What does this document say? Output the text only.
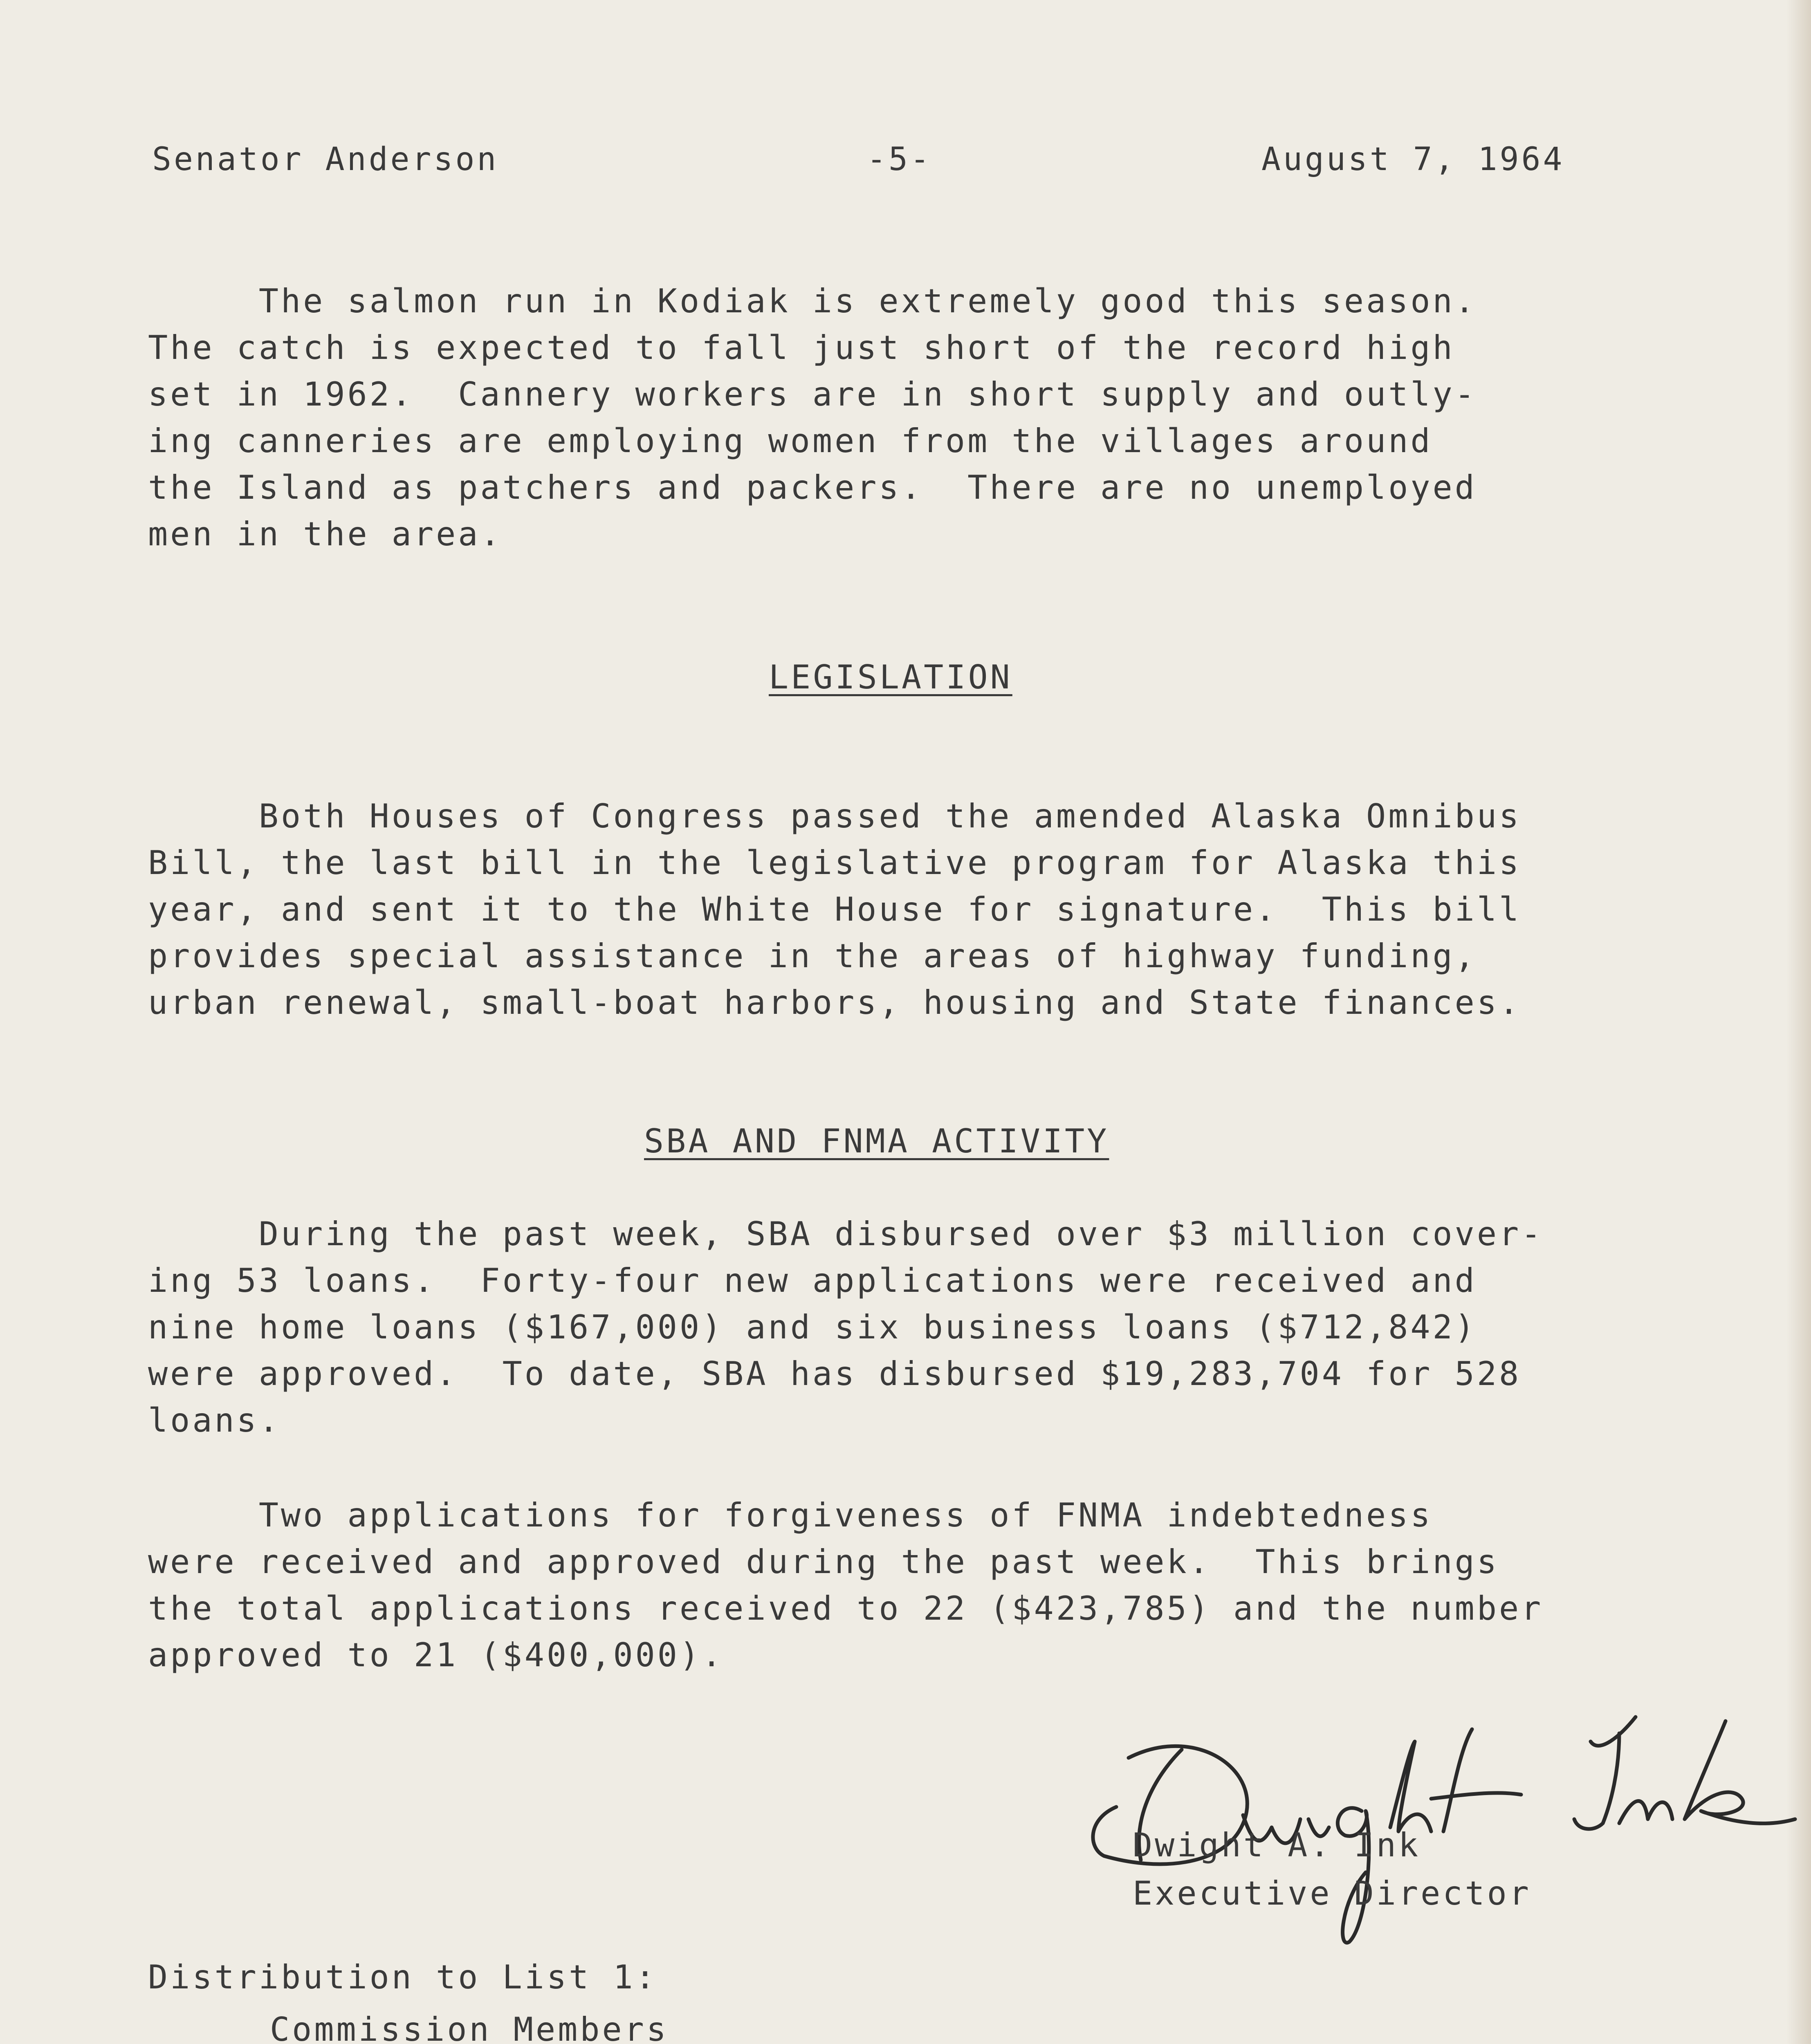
Senator Anderson	-5-	August 7, 1964

The salmon run in Kodiak is extremely good this season.
The catch is expected to fall just short of the record high
set in 1962.  Cannery workers are in short supply and outly-
ing canneries are employing women from the villages around
the Island as patchers and packers.  There are no unemployed
men in the area.

LEGISLATION

Both Houses of Congress passed the amended Alaska Omnibus
Bill, the last bill in the legislative program for Alaska this
year, and sent it to the White House for signature.  This bill
provides special assistance in the areas of highway funding,
urban renewal, small-boat harbors, housing and State finances.

SBA AND FNMA ACTIVITY

During the past week, SBA disbursed over $3 million cover-
ing 53 loans.  Forty-four new applications were received and
nine home loans ($167,000) and six business loans ($712,842)
were approved.  To date, SBA has disbursed $19,283,704 for 528
loans.

Two applications for forgiveness of FNMA indebtedness
were received and approved during the past week.  This brings
the total applications received to 22 ($423,785) and the number
approved to 21 ($400,000).

Dwight A. Ink
Executive Director
Distribution to List 1:
Commission Members
